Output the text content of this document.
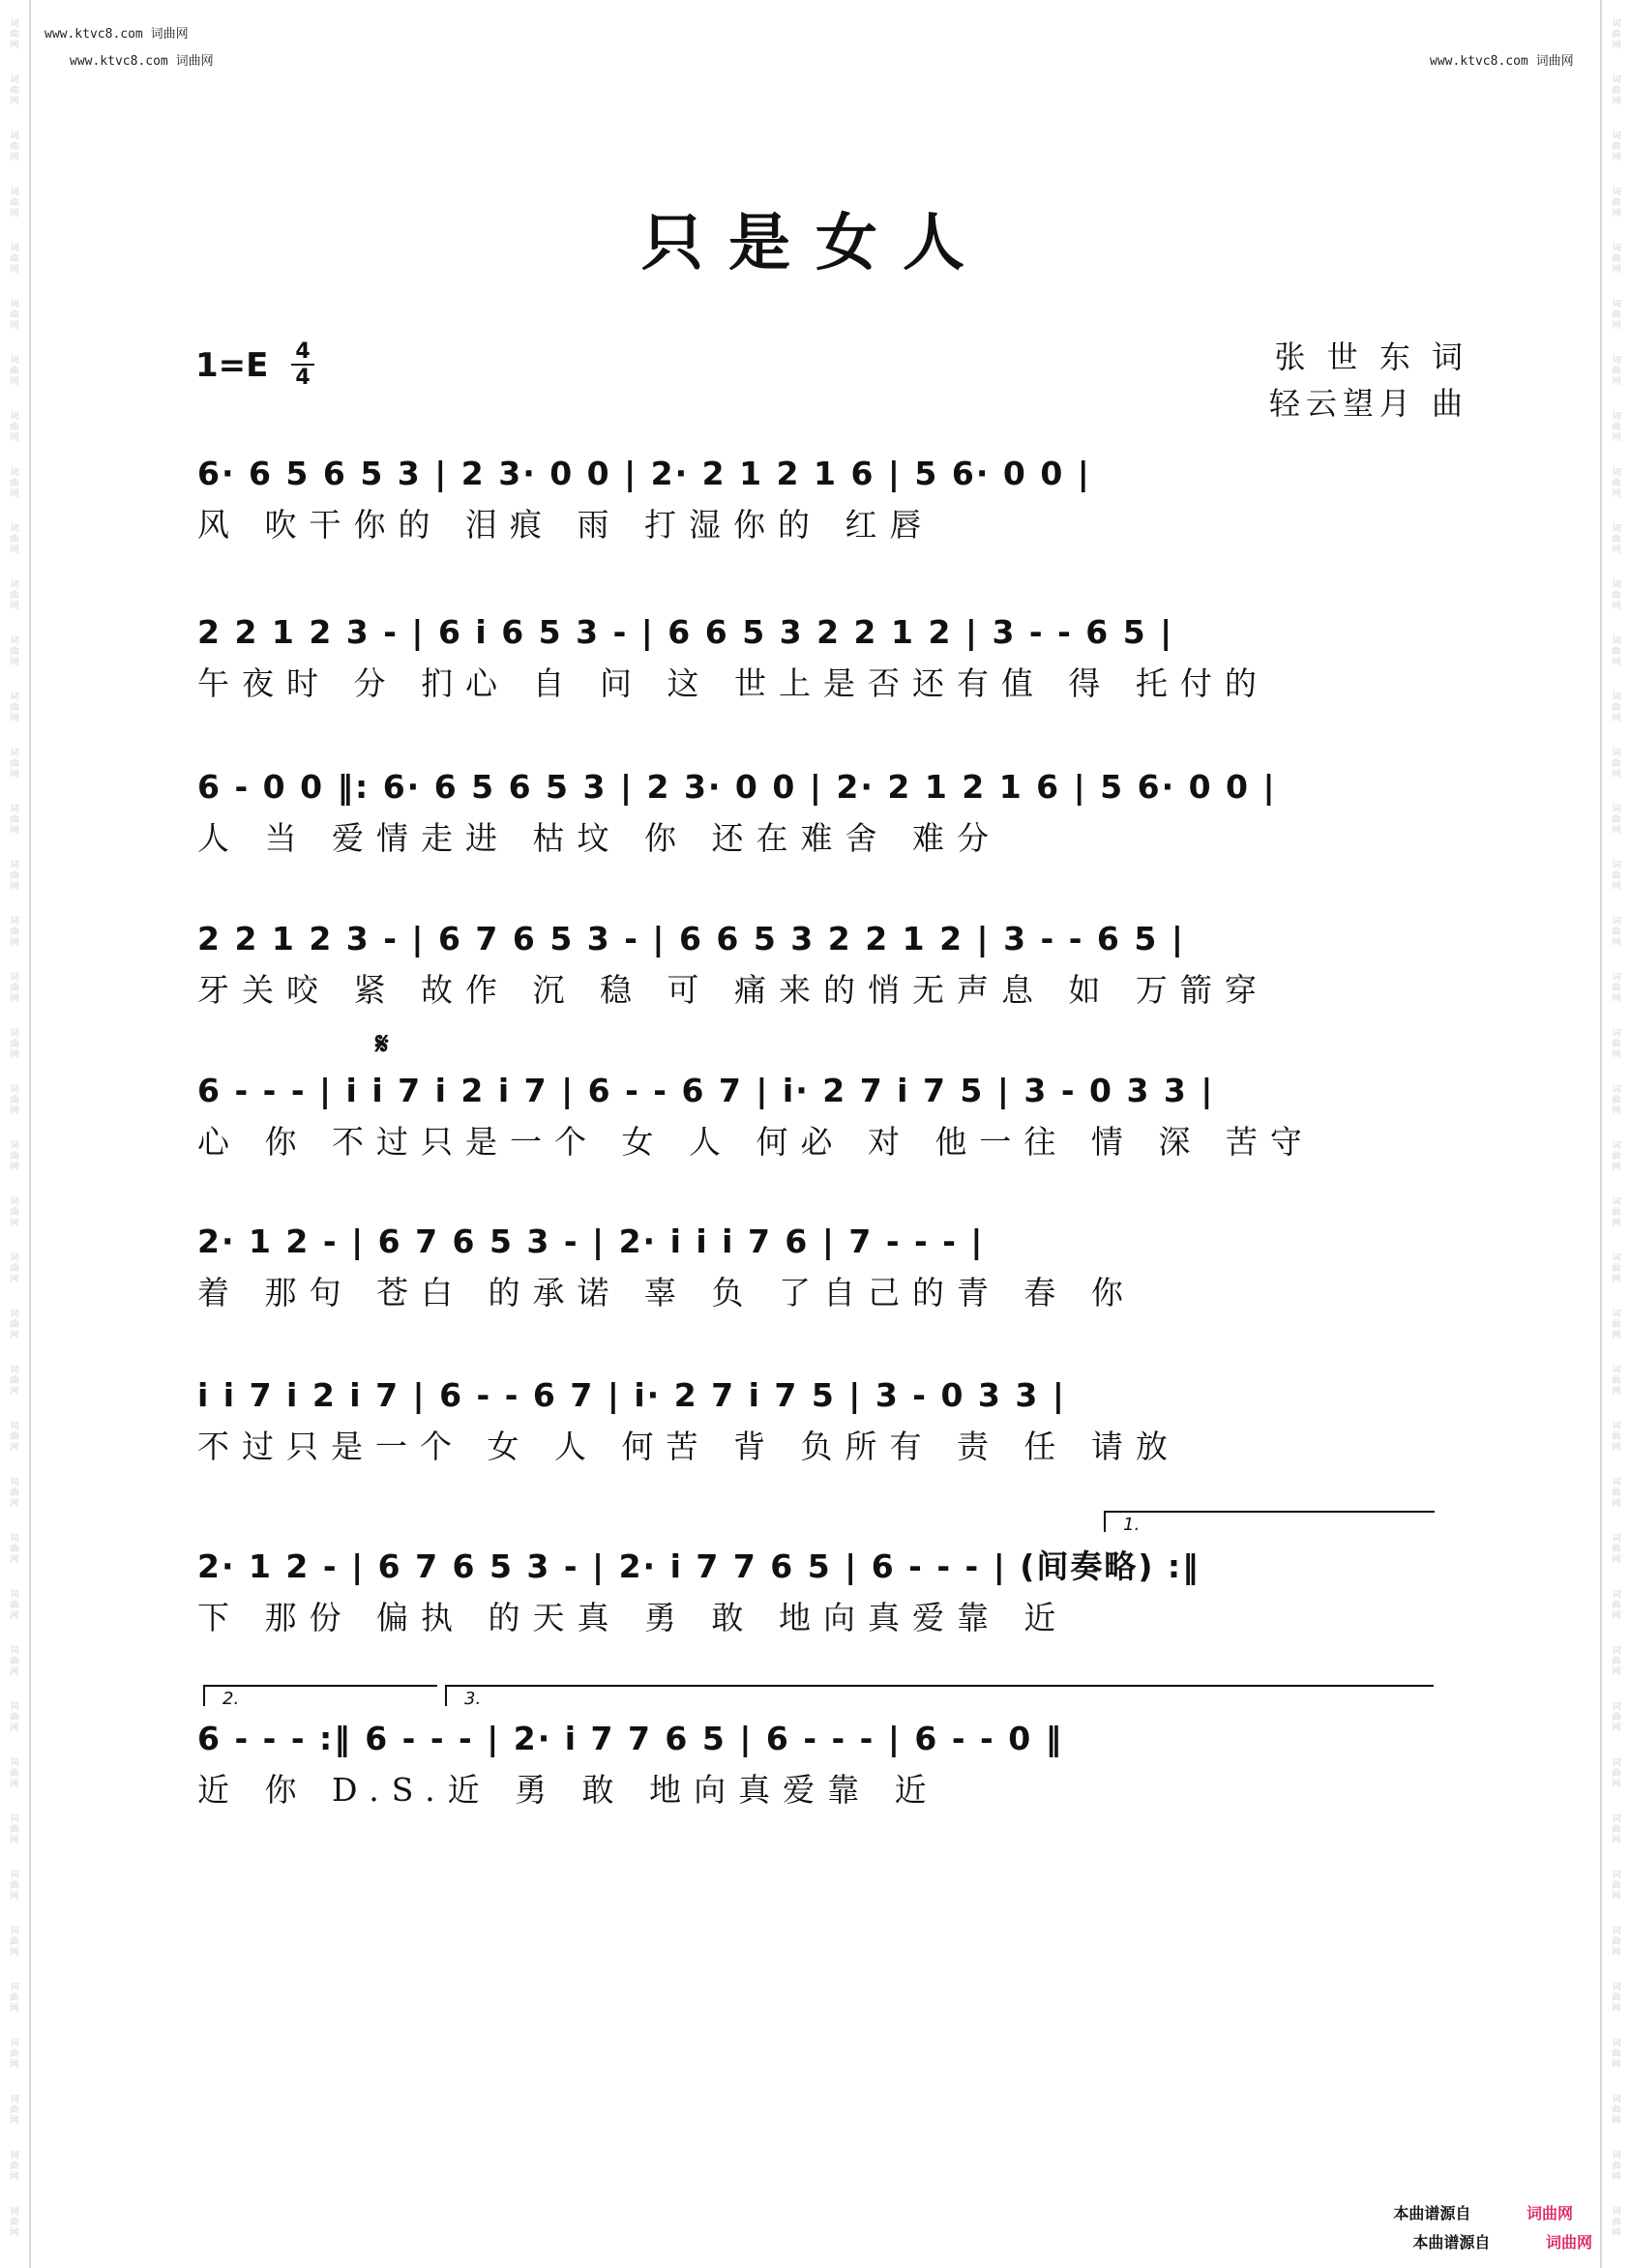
词曲网
词曲网
词曲网
词曲网
词曲网
词曲网
词曲网
词曲网
词曲网
词曲网
词曲网
词曲网
词曲网
词曲网
词曲网
词曲网
词曲网
词曲网
词曲网
词曲网
词曲网
词曲网
词曲网
词曲网
词曲网
词曲网
词曲网
词曲网
词曲网
词曲网
词曲网
词曲网
词曲网
词曲网
词曲网
词曲网
词曲网
词曲网
词曲网
词曲网
词曲网
词曲网
词曲网
词曲网
词曲网
词曲网
词曲网
词曲网
词曲网
词曲网
词曲网
词曲网
词曲网
词曲网
词曲网
词曲网
词曲网
词曲网
词曲网
词曲网
词曲网
词曲网
词曲网
词曲网
词曲网
词曲网
词曲网
词曲网
词曲网
词曲网
词曲网
词曲网
词曲网
词曲网
词曲网
词曲网
词曲网
词曲网
词曲网
词曲网
www.ktvc8.com 词曲网
www.ktvc8.com 词曲网	www.ktvc8.com 词曲网
只是女人
1=E 4
4
张 世 东 词
轻云望月 曲
𝄋
6· 6 5 6 5 3 | 2 3· 0 0 | 2· 2 1 2 1 6 | 5 6· 0 0 |
风 吹干你的 泪痕 雨 打湿你的 红唇
2 2 1 2 3 - | 6 i 6 5 3 - | 6 6 5 3 2 2 1 2 | 3 - - 6 5 |
午夜时 分 扪心 自 问 这 世上是否还有值 得 托付的
6 - 0 0 ‖: 6· 6 5 6 5 3 | 2 3· 0 0 | 2· 2 1 2 1 6 | 5 6· 0 0 |
人 当 爱情走进 枯坟 你 还在难舍 难分
2 2 1 2 3 - | 6 7 6 5 3 - | 6 6 5 3 2 2 1 2 | 3 - - 6 5 |
牙关咬 紧 故作 沉 稳 可 痛来的悄无声息 如 万箭穿
6 - - - | i i 7 i 2 i 7 | 6 - - 6 7 | i· 2 7 i 7 5 | 3 - 0 3 3 |
心 你 不过只是一个 女 人 何必 对 他一往 情 深 苦守
2· 1 2 - | 6 7 6 5 3 - | 2· i i i 7 6 | 7 - - - |
着 那句 苍白 的承诺 辜 负 了自己的青 春 你
i i 7 i 2 i 7 | 6 - - 6 7 | i· 2 7 i 7 5 | 3 - 0 3 3 |
不过只是一个 女 人 何苦 背 负所有 责 任 请放
1.
2· 1 2 - | 6 7 6 5 3 - | 2· i 7 7 6 5 | 6 - - - | (间奏略) :‖
下 那份 偏执 的天真 勇 敢 地向真爱靠 近
2.	3.
6 - - - :‖ 6 - - - | 2· i 7 7 6 5 | 6 - - - | 6 - - 0 ‖
近 你 D.S.近 勇 敢 地向真爱靠 近
本曲谱源自	词曲网
本曲谱源自	词曲网
